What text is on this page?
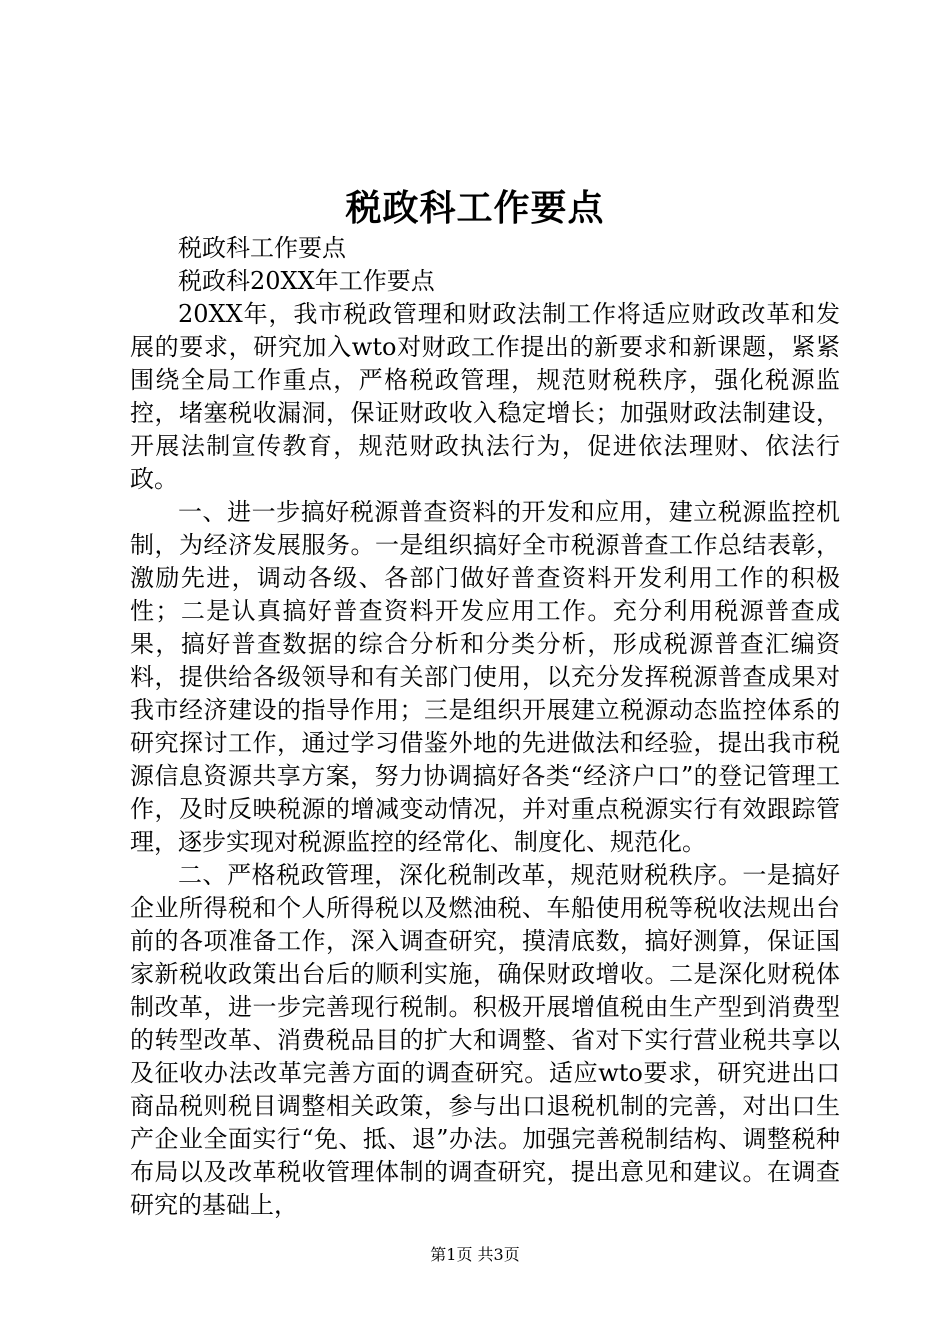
税政科工作要点

税政科工作要点

税政科20XX年工作要点

20XX年，我市税政管理和财政法制工作将适应财政改革和发展的要求，研究加入wto对财政工作提出的新要求和新课题，紧紧围绕全局工作重点，严格税政管理，规范财税秩序，强化税源监控，堵塞税收漏洞，保证财政收入稳定增长；加强财政法制建设，开展法制宣传教育，规范财政执法行为，促进依法理财、依法行政。

一、进一步搞好税源普查资料的开发和应用，建立税源监控机制，为经济发展服务。一是组织搞好全市税源普查工作总结表彰，激励先进，调动各级、各部门做好普查资料开发利用工作的积极性；二是认真搞好普查资料开发应用工作。充分利用税源普查成果，搞好普查数据的综合分析和分类分析，形成税源普查汇编资料，提供给各级领导和有关部门使用，以充分发挥税源普查成果对我市经济建设的指导作用；三是组织开展建立税源动态监控体系的研究探讨工作，通过学习借鉴外地的先进做法和经验，提出我市税源信息资源共享方案，努力协调搞好各类“经济户口”的登记管理工作，及时反映税源的增减变动情况，并对重点税源实行有效跟踪管理，逐步实现对税源监控的经常化、制度化、规范化。

二、严格税政管理，深化税制改革，规范财税秩序。一是搞好企业所得税和个人所得税以及燃油税、车船使用税等税收法规出台前的各项准备工作，深入调查研究，摸清底数，搞好测算，保证国家新税收政策出台后的顺利实施，确保财政增收。二是深化财税体制改革，进一步完善现行税制。积极开展增值税由生产型到消费型的转型改革、消费税品目的扩大和调整、省对下实行营业税共享以及征收办法改革完善方面的调查研究。适应wto要求，研究进出口商品税则税目调整相关政策，参与出口退税机制的完善，对出口生产企业全面实行“免、抵、退”办法。加强完善税制结构、调整税种布局以及改革税收管理体制的调查研究，提出意见和建议。在调查研究的基础上，

第1页 共3页
